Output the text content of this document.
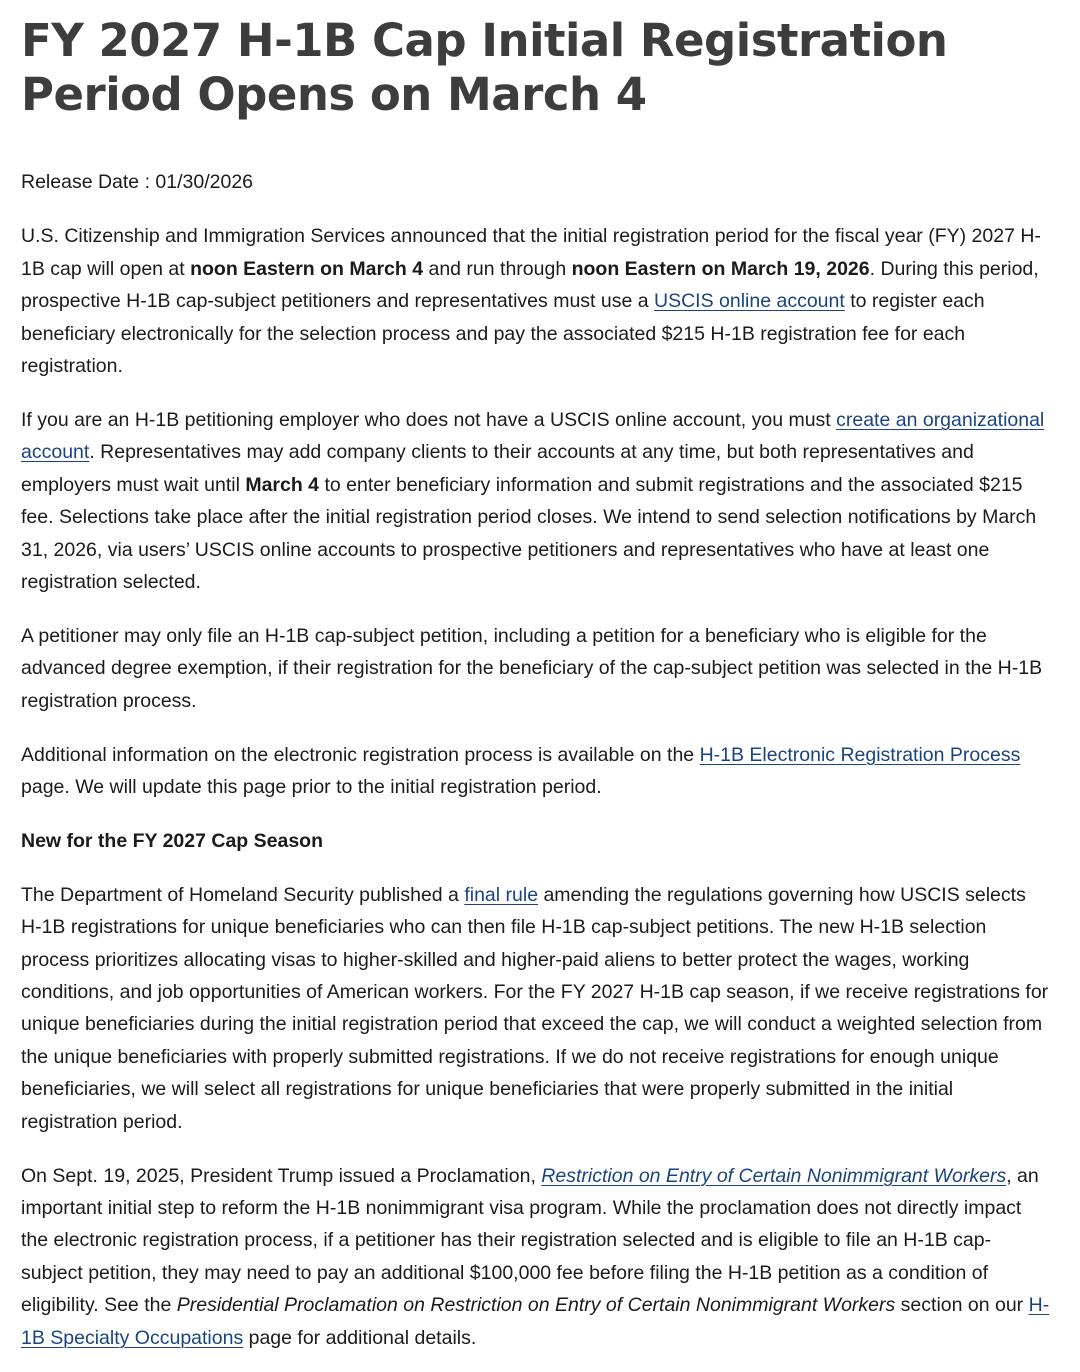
FY 2027 H-1B Cap Initial Registration Period Opens on March 4
Release Date : 01/30/2026

U.S. Citizenship and Immigration Services announced that the initial registration period for the fiscal year (FY) 2027 H-1B cap will open at noon Eastern on March 4 and run through noon Eastern on March 19, 2026. During this period, prospective H-1B cap-subject petitioners and representatives must use a USCIS online account to register each beneficiary electronically for the selection process and pay the associated $215 H-1B registration fee for each registration.

If you are an H-1B petitioning employer who does not have a USCIS online account, you must create an organizational account. Representatives may add company clients to their accounts at any time, but both representatives and employers must wait until March 4 to enter beneficiary information and submit registrations and the associated $215 fee. Selections take place after the initial registration period closes. We intend to send selection notifications by March 31, 2026, via users’ USCIS online accounts to prospective petitioners and representatives who have at least one registration selected.

A petitioner may only file an H-1B cap-subject petition, including a petition for a beneficiary who is eligible for the advanced degree exemption, if their registration for the beneficiary of the cap-subject petition was selected in the H-1B registration process.

Additional information on the electronic registration process is available on the H-1B Electronic Registration Process page. We will update this page prior to the initial registration period.

New for the FY 2027 Cap Season

The Department of Homeland Security published a final rule amending the regulations governing how USCIS selects H-1B registrations for unique beneficiaries who can then file H-1B cap-subject petitions. The new H-1B selection process prioritizes allocating visas to higher-skilled and higher-paid aliens to better protect the wages, working conditions, and job opportunities of American workers. For the FY 2027 H-1B cap season, if we receive registrations for unique beneficiaries during the initial registration period that exceed the cap, we will conduct a weighted selection from the unique beneficiaries with properly submitted registrations. If we do not receive registrations for enough unique beneficiaries, we will select all registrations for unique beneficiaries that were properly submitted in the initial registration period.

On Sept. 19, 2025, President Trump issued a Proclamation, Restriction on Entry of Certain Nonimmigrant Workers, an important initial step to reform the H-1B nonimmigrant visa program. While the proclamation does not directly impact the electronic registration process, if a petitioner has their registration selected and is eligible to file an H-1B cap-subject petition, they may need to pay an additional $100,000 fee before filing the H-1B petition as a condition of eligibility. See the Presidential Proclamation on Restriction on Entry of Certain Nonimmigrant Workers section on our H-1B Specialty Occupations page for additional details.
